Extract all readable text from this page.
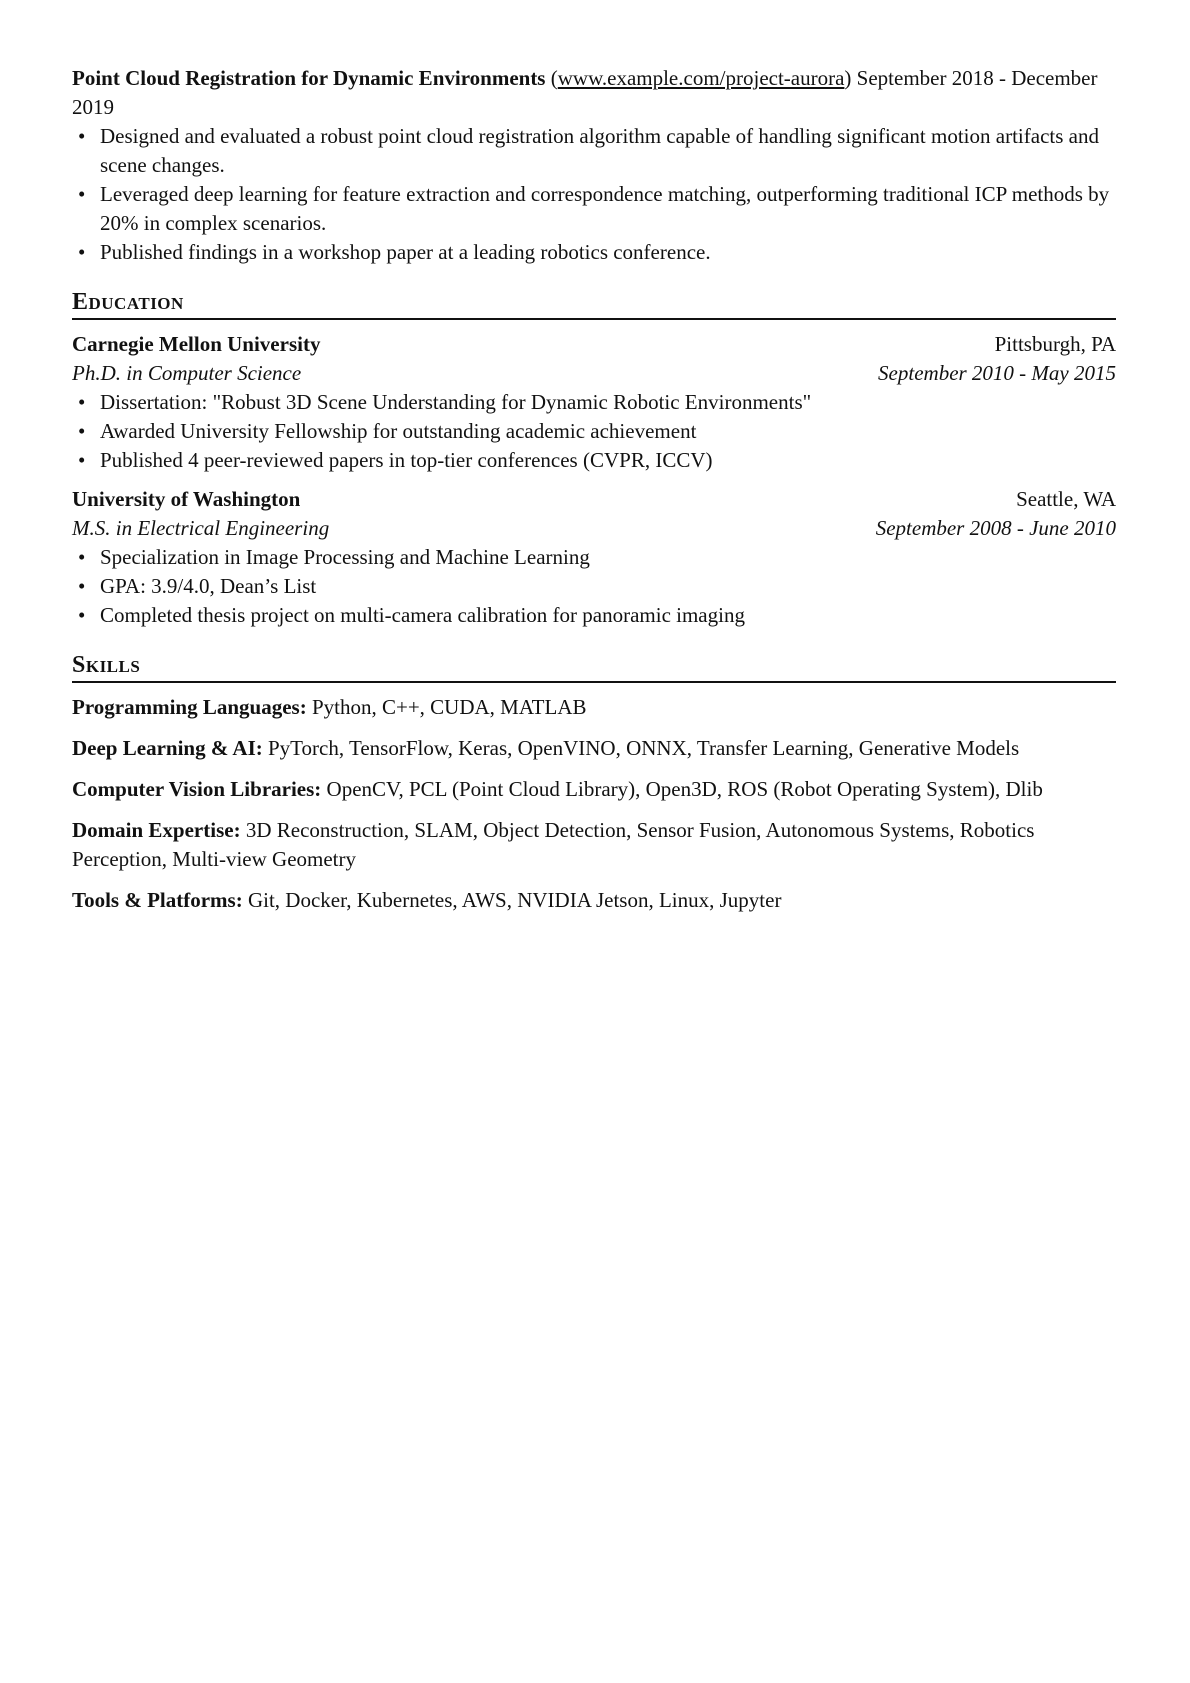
Point Cloud Registration for Dynamic Environments (www.example.com/project-aurora) September 2018 - December 2019

• Designed and evaluated a robust point cloud registration algorithm capable of handling significant motion artifacts and scene changes.
• Leveraged deep learning for feature extraction and correspondence matching, outperforming traditional ICP methods by 20% in complex scenarios.
• Published findings in a workshop paper at a leading robotics conference.
Education
Carnegie Mellon University	Pittsburgh, PA
Ph.D. in Computer Science	September 2010 - May 2015
• Dissertation: "Robust 3D Scene Understanding for Dynamic Robotic Environments"
• Awarded University Fellowship for outstanding academic achievement
• Published 4 peer-reviewed papers in top-tier conferences (CVPR, ICCV)
University of Washington	Seattle, WA
M.S. in Electrical Engineering	September 2008 - June 2010
• Specialization in Image Processing and Machine Learning
• GPA: 3.9/4.0, Dean’s List
• Completed thesis project on multi-camera calibration for panoramic imaging
Skills

Programming Languages: Python, C++, CUDA, MATLAB

Deep Learning & AI: PyTorch, TensorFlow, Keras, OpenVINO, ONNX, Transfer Learning, Generative Models

Computer Vision Libraries: OpenCV, PCL (Point Cloud Library), Open3D, ROS (Robot Operating System), Dlib

Domain Expertise: 3D Reconstruction, SLAM, Object Detection, Sensor Fusion, Autonomous Systems, Robotics Perception, Multi-view Geometry

Tools & Platforms: Git, Docker, Kubernetes, AWS, NVIDIA Jetson, Linux, Jupyter
